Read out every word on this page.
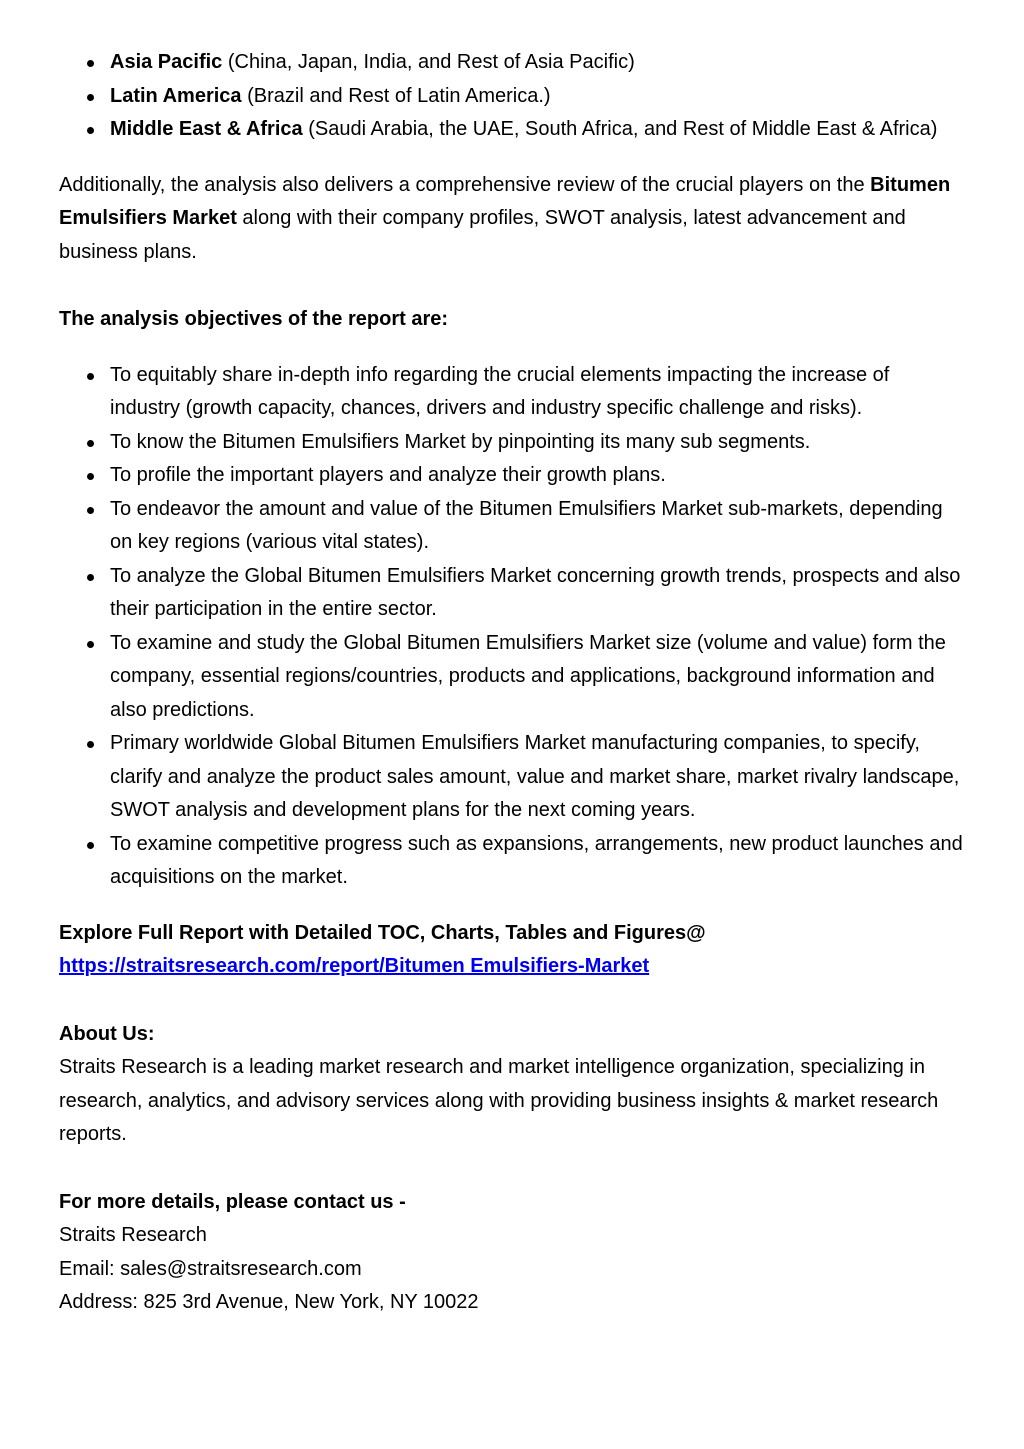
Asia Pacific (China, Japan, India, and Rest of Asia Pacific)
Latin America (Brazil and Rest of Latin America.)
Middle East & Africa (Saudi Arabia, the UAE, South Africa, and Rest of Middle East & Africa)

Additionally, the analysis also delivers a comprehensive review of the crucial players on the Bitumen Emulsifiers Market along with their company profiles, SWOT analysis, latest advancement and business plans.

The analysis objectives of the report are:

To equitably share in-depth info regarding the crucial elements impacting the increase of industry (growth capacity, chances, drivers and industry specific challenge and risks).
To know the Bitumen Emulsifiers Market by pinpointing its many sub segments.
To profile the important players and analyze their growth plans.
To endeavor the amount and value of the Bitumen Emulsifiers Market sub-markets, depending on key regions (various vital states).
To analyze the Global Bitumen Emulsifiers Market concerning growth trends, prospects and also their participation in the entire sector.
To examine and study the Global Bitumen Emulsifiers Market size (volume and value) form the company, essential regions/countries, products and applications, background information and also predictions.
Primary worldwide Global Bitumen Emulsifiers Market manufacturing companies, to specify, clarify and analyze the product sales amount, value and market share, market rivalry landscape, SWOT analysis and development plans for the next coming years.
To examine competitive progress such as expansions, arrangements, new product launches and acquisitions on the market.

Explore Full Report with Detailed TOC, Charts, Tables and Figures@

https://straitsresearch.com/report/Bitumen Emulsifiers-Market

About Us:

Straits Research is a leading market research and market intelligence organization, specializing in research, analytics, and advisory services along with providing business insights & market research reports.

For more details, please contact us -

Straits Research

Email: sales@straitsresearch.com

Address: 825 3rd Avenue, New York, NY 10022
